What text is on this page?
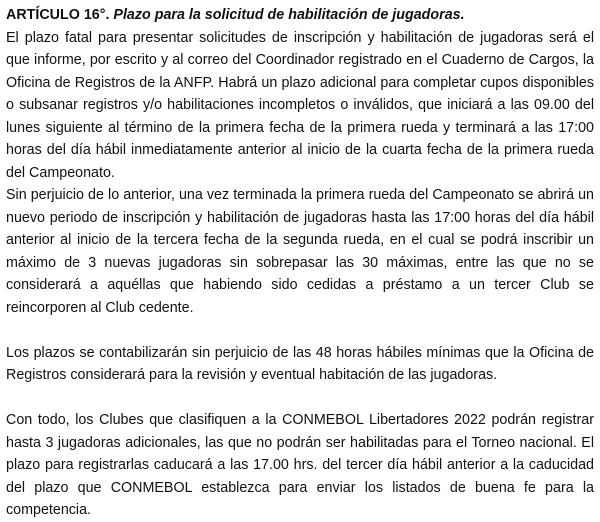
ARTÍCULO 16°. Plazo para la solicitud de habilitación de jugadoras.

El plazo fatal para presentar solicitudes de inscripción y habilitación de jugadoras será el que informe, por escrito y al correo del Coordinador registrado en el Cuaderno de Cargos, la Oficina de Registros de la ANFP. Habrá un plazo adicional para completar cupos disponibles o subsanar registros y/o habilitaciones incompletos o inválidos, que iniciará a las 09.00 del lunes siguiente al término de la primera fecha de la primera rueda y terminará a las 17:00 horas del día hábil inmediatamente anterior al inicio de la cuarta fecha de la primera rueda del Campeonato.

Sin perjuicio de lo anterior, una vez terminada la primera rueda del Campeonato se abrirá un nuevo periodo de inscripción y habilitación de jugadoras hasta las 17:00 horas del día hábil anterior al inicio de la tercera fecha de la segunda rueda, en el cual se podrá inscribir un máximo de 3 nuevas jugadoras sin sobrepasar las 30 máximas, entre las que no se considerará a aquéllas que habiendo sido cedidas a préstamo a un tercer Club se reincorporen al Club cedente.

Los plazos se contabilizarán sin perjuicio de las 48 horas hábiles mínimas que la Oficina de Registros considerará para la revisión y eventual habitación de las jugadoras.

Con todo, los Clubes que clasifiquen a la CONMEBOL Libertadores 2022 podrán registrar hasta 3 jugadoras adicionales, las que no podrán ser habilitadas para el Torneo nacional. El plazo para registrarlas caducará a las 17.00 hrs. del tercer día hábil anterior a la caducidad del plazo que CONMEBOL establezca para enviar los listados de buena fe para la competencia.
